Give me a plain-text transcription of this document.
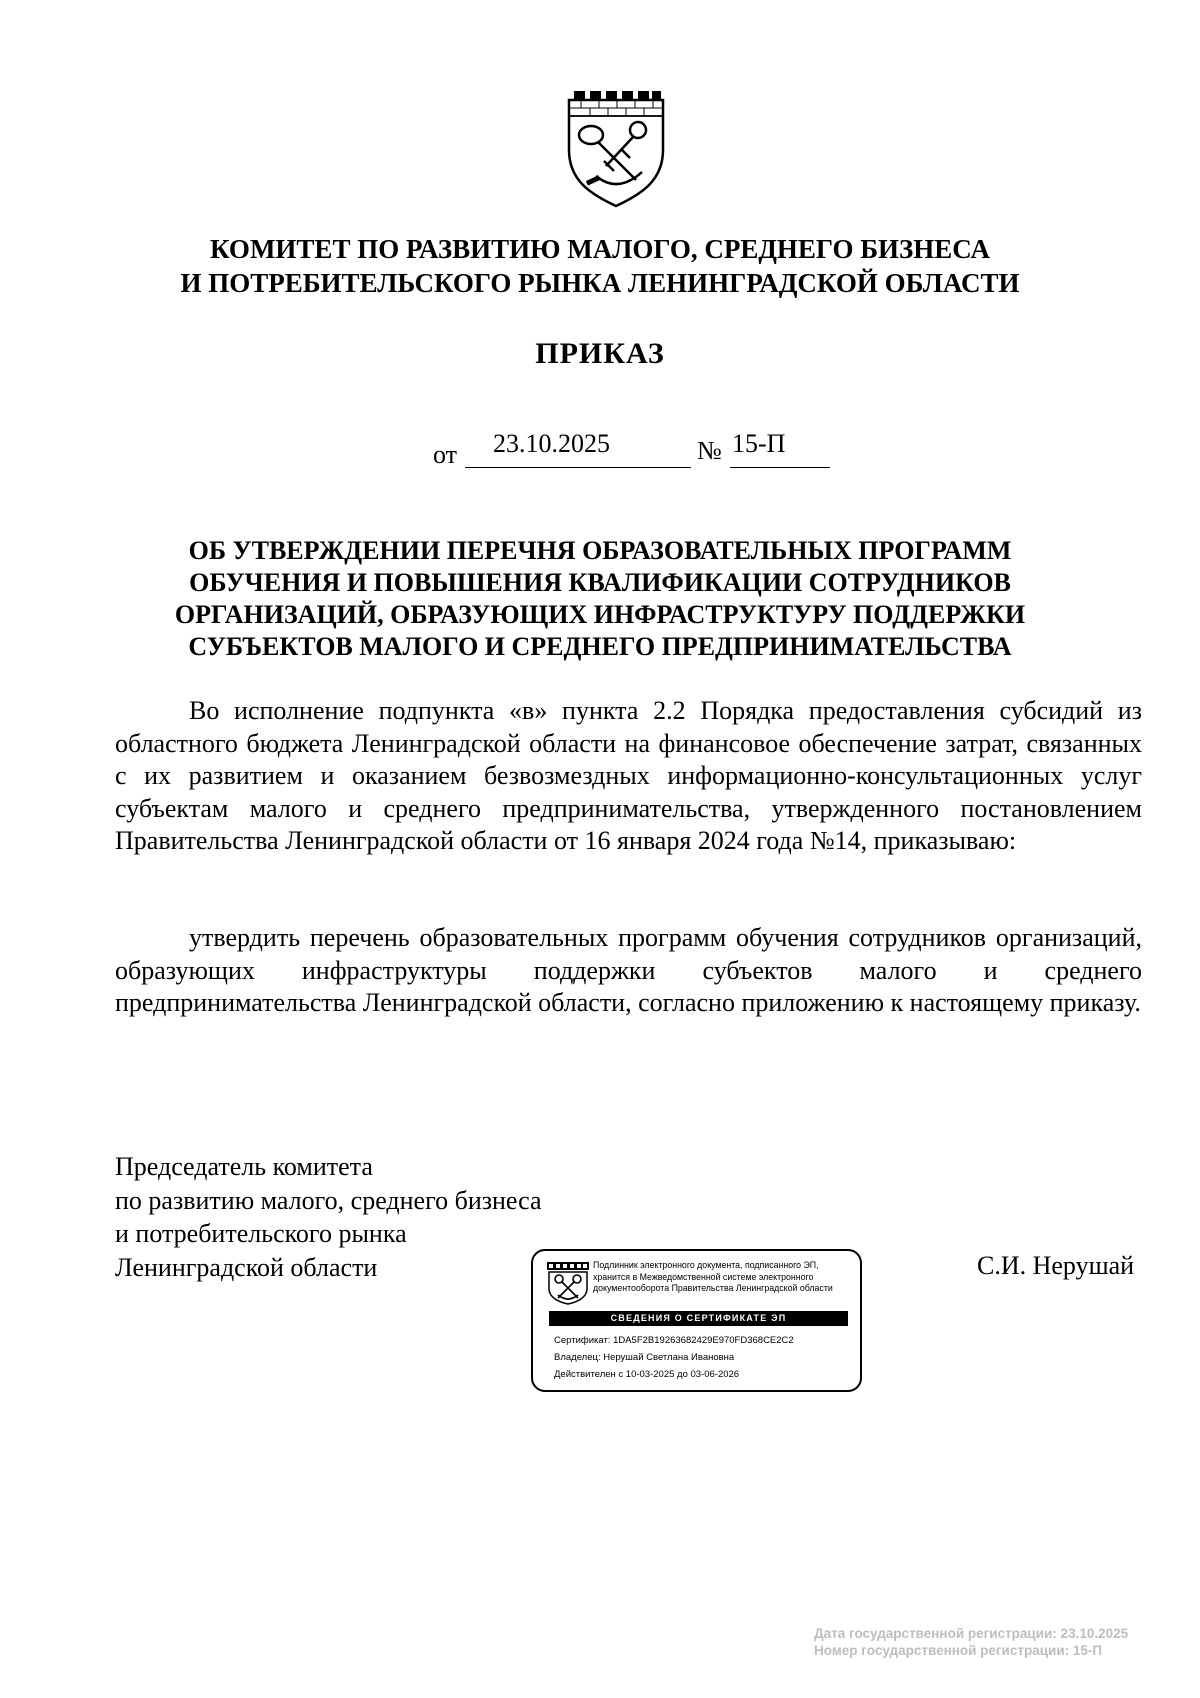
КОМИТЕТ ПО РАЗВИТИЮ МАЛОГО, СРЕДНЕГО БИЗНЕСА
И ПОТРЕБИТЕЛЬСКОГО РЫНКА ЛЕНИНГРАДСКОЙ ОБЛАСТИ
ПРИКАЗ
от 23.10.2025	№ 15-П
ОБ УТВЕРЖДЕНИИ ПЕРЕЧНЯ ОБРАЗОВАТЕЛЬНЫХ ПРОГРАММ
ОБУЧЕНИЯ И ПОВЫШЕНИЯ КВАЛИФИКАЦИИ СОТРУДНИКОВ
ОРГАНИЗАЦИЙ, ОБРАЗУЮЩИХ ИНФРАСТРУКТУРУ ПОДДЕРЖКИ
СУБЪЕКТОВ МАЛОГО И СРЕДНЕГО ПРЕДПРИНИМАТЕЛЬСТВА

Во исполнение подпункта «в» пункта 2.2 Порядка предоставления субсидий из областного бюджета Ленинградской области на финансовое обеспечение затрат, связанных с их развитием и оказанием безвозмездных информационно-консультационных услуг субъектам малого и среднего предпринимательства, утвержденного постановлением Правительства Ленинградской области от 16 января 2024 года №14, приказываю:

утвердить перечень образовательных программ обучения сотрудников организаций, образующих инфраструктуры поддержки субъектов малого и среднего предпринимательства Ленинградской области, согласно приложению к настоящему приказу.

Председатель комитета
по развитию малого, среднего бизнеса
и потребительского рынка
Ленинградской области	Подлинник электронного документа, подписанного ЭП,
хранится в Межведомственной системе электронного
документооборота Правительства Ленинградской области
СВЕДЕНИЯ О СЕРТИФИКАТЕ ЭП
Сертификат: 1DA5F2B19263682429E970FD368CE2C2
Владелец: Нерушай Светлана Ивановна
Действителен с 10-03-2025 до 03-06-2026
С.И. Нерушай
Дата государственной регистрации: 23.10.2025
Номер государственной регистрации: 15-П
